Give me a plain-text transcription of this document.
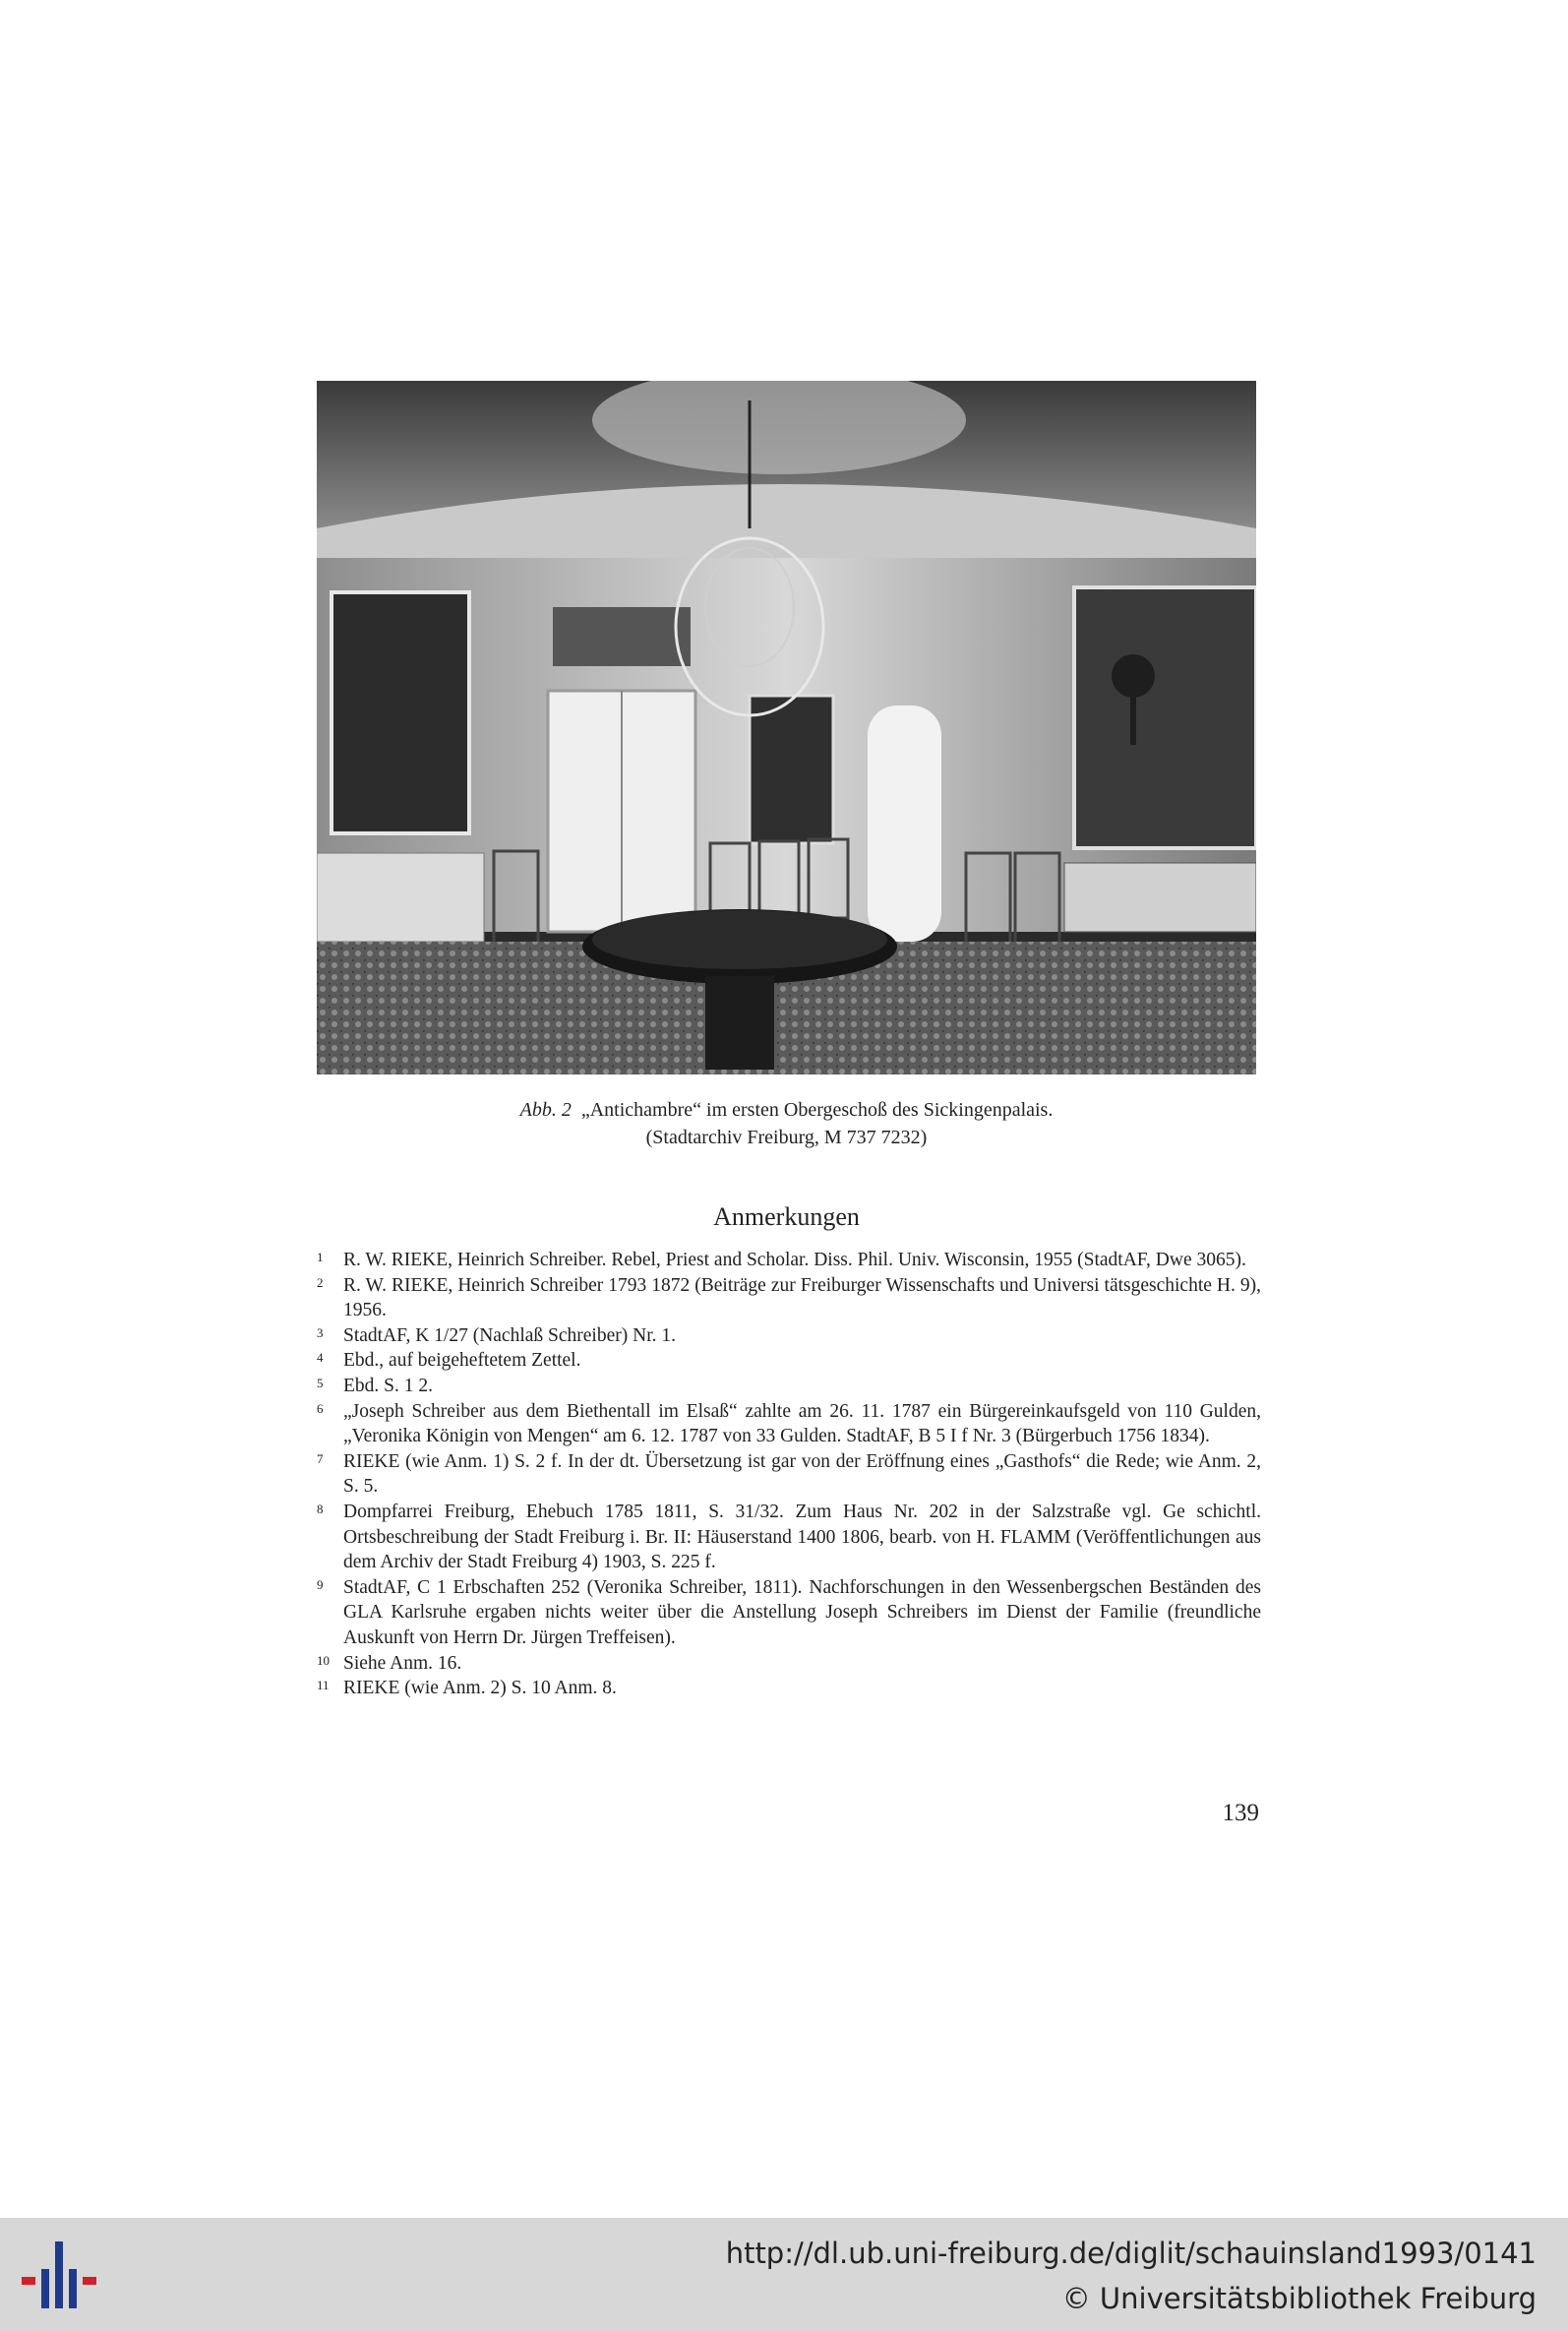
Abb. 2 „Antichambre“ im ersten Obergeschoß des Sickingenpalais.
(Stadtarchiv Freiburg, M 737 7232)
Anmerkungen
1	R. W. RIEKE, Heinrich Schreiber. Rebel, Priest and Scholar. Diss. Phil. Univ. Wisconsin, 1955 (StadtAF, Dwe 3065).
2	R. W. RIEKE, Heinrich Schreiber 1793 1872 (Beiträge zur Freiburger Wissenschafts und Universi tätsgeschichte H. 9), 1956.
3	StadtAF, K 1/27 (Nachlaß Schreiber) Nr. 1.
4	Ebd., auf beigeheftetem Zettel.
5	Ebd. S. 1 2.
6	„Joseph Schreiber aus dem Biethentall im Elsaß“ zahlte am 26. 11. 1787 ein Bürgereinkaufsgeld von 110 Gulden, „Veronika Königin von Mengen“ am 6. 12. 1787 von 33 Gulden. StadtAF, B 5 I f Nr. 3 (Bürgerbuch 1756 1834).
7	RIEKE (wie Anm. 1) S. 2 f. In der dt. Übersetzung ist gar von der Eröffnung eines „Gasthofs“ die Rede; wie Anm. 2, S. 5.
8	Dompfarrei Freiburg, Ehebuch 1785 1811, S. 31/32. Zum Haus Nr. 202 in der Salzstraße vgl. Ge schichtl. Ortsbeschreibung der Stadt Freiburg i. Br. II: Häuserstand 1400 1806, bearb. von H. FLAMM (Veröffentlichungen aus dem Archiv der Stadt Freiburg 4) 1903, S. 225 f.
9	StadtAF, C 1 Erbschaften 252 (Veronika Schreiber, 1811). Nachforschungen in den Wessenbergschen Beständen des GLA Karlsruhe ergaben nichts weiter über die Anstellung Joseph Schreibers im Dienst der Familie (freundliche Auskunft von Herrn Dr. Jürgen Treffeisen).
10 Siehe Anm. 16.
11 RIEKE (wie Anm. 2) S. 10 Anm. 8.
139
http://dl.ub.uni-freiburg.de/diglit/schauinsland1993/0141
© Universitätsbibliothek Freiburg
